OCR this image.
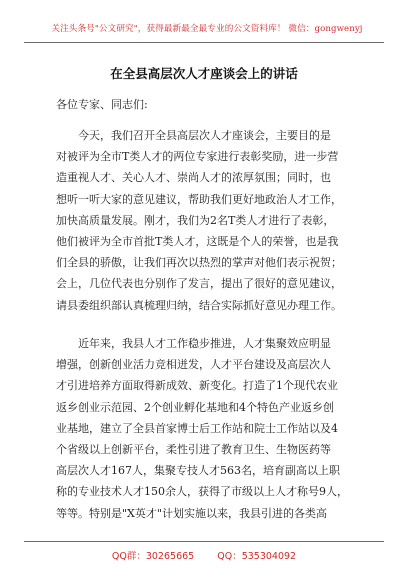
关注头条号"公文研究"，获得最新最全最专业的公文资料库！ 微信：gongwenyj
在全县高层次人才座谈会上的讲话
各位专家、同志们:
今天，我们召开全县高层次人才座谈会，主要目的是
对被评为全市T类人才的两位专家进行表彰奖励，进一步营
造重视人才、关心人才、崇尚人才的浓厚氛围；同时，也
想听一听大家的意见建议，帮助我们更好地政治人才工作，
加快高质量发展。刚才，我们为2名T类人才进行了表彰，
他们被评为全市首批T类人才，这既是个人的荣誉，也是我
们全县的骄傲，让我们再次以热烈的掌声对他们表示祝贺；
会上，几位代表也分别作了发言，提出了很好的意见建议，
请县委组织部认真梳理归纳，结合实际抓好意见办理工作。
近年来，我县人才工作稳步推进，人才集聚效应明显
增强，创新创业活力竞相迸发，人才平台建设及高层次人
才引进培养方面取得新成效、新变化。打造了1个现代农业
返乡创业示范园、2个创业孵化基地和4个特色产业返乡创
业基地，建立了全县首家博士后工作站和院士工作站以及4
个省级以上创新平台，柔性引进了教育卫生、生物医药等
高层次人才167人，集聚专技人才563名，培育副高以上职
称的专业技术人才150余人，获得了市级以上人才称号9人，
等等。特别是"X英才"计划实施以来，我县引进的各类高
QQ群：30265665 QQ：535304092
